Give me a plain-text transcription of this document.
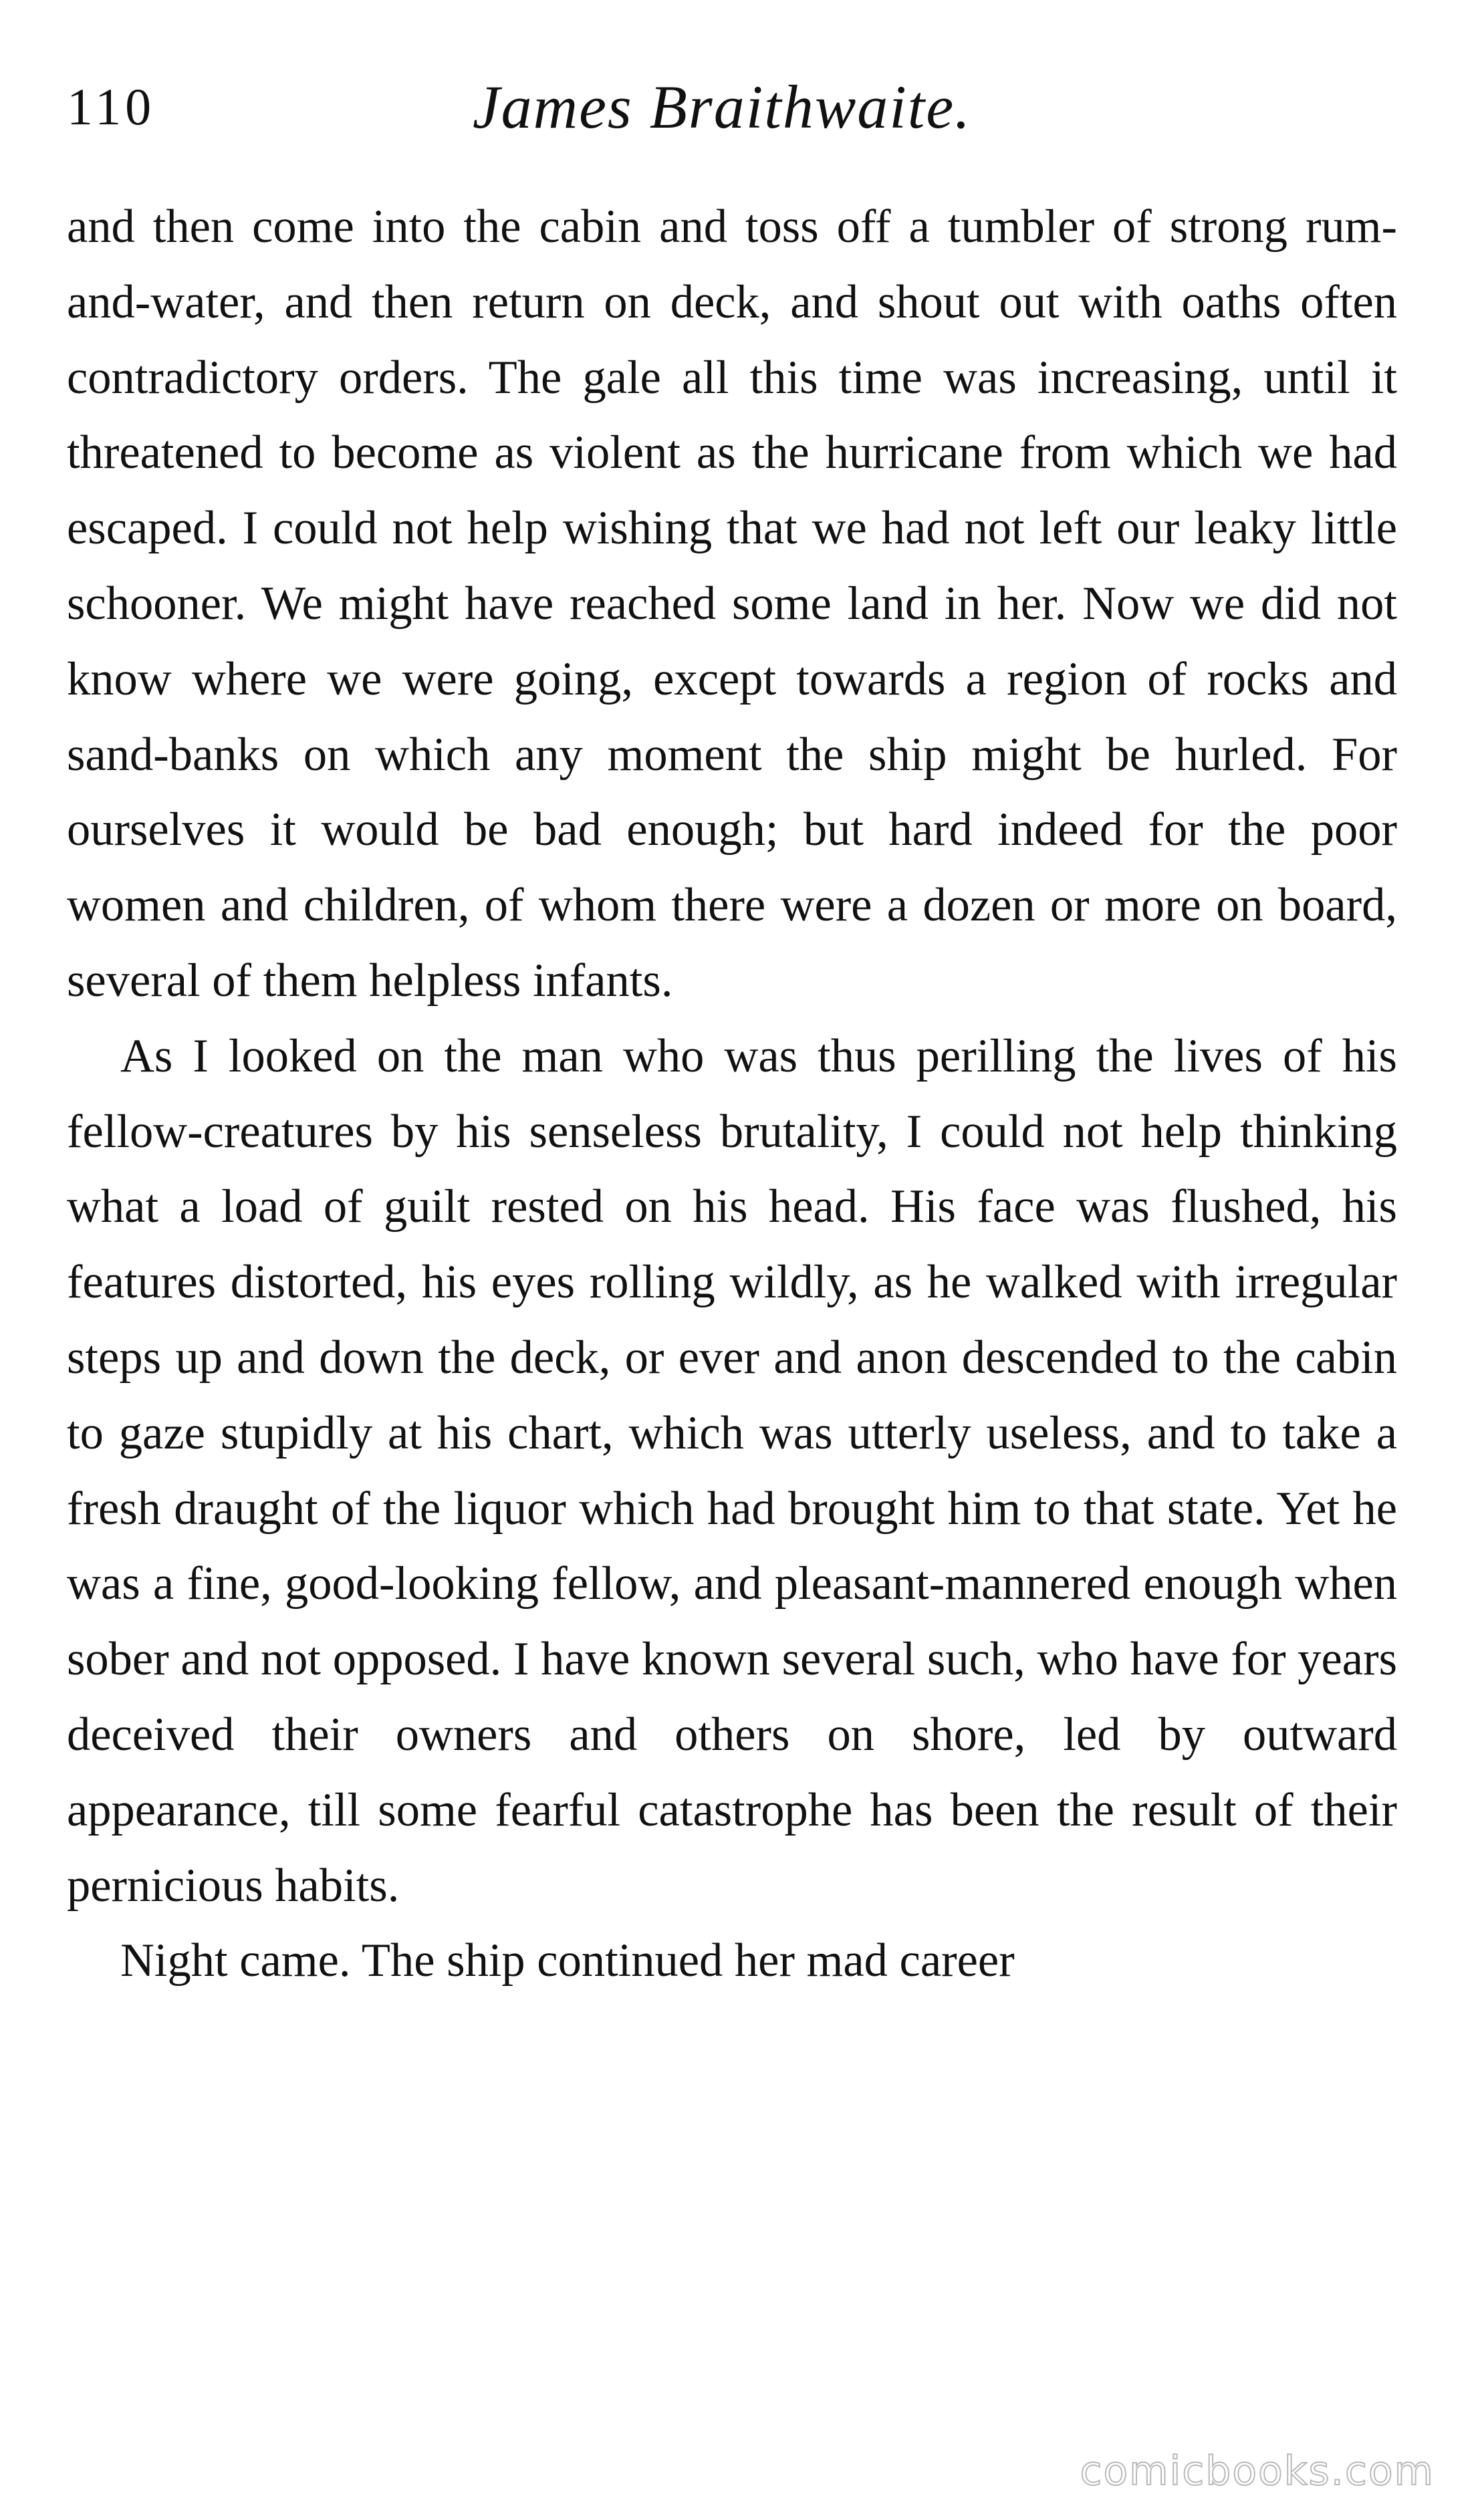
110	James Braithwaite.

and then come into the cabin and toss off a tumbler of strong rum-and-water, and then return on deck, and shout out with oaths often contradictory orders. The gale all this time was increasing, until it threatened to become as violent as the hurricane from which we had escaped. I could not help wishing that we had not left our leaky little schooner. We might have reached some land in her. Now we did not know where we were going, except towards a region of rocks and sand-banks on which any moment the ship might be hurled. For ourselves it would be bad enough; but hard indeed for the poor women and children, of whom there were a dozen or more on board, several of them helpless infants.

As I looked on the man who was thus perilling the lives of his fellow-creatures by his senseless brutality, I could not help thinking what a load of guilt rested on his head. His face was flushed, his features distorted, his eyes rolling wildly, as he walked with irregular steps up and down the deck, or ever and anon descended to the cabin to gaze stupidly at his chart, which was utterly useless, and to take a fresh draught of the liquor which had brought him to that state. Yet he was a fine, good-looking fellow, and pleasant-mannered enough when sober and not opposed. I have known several such, who have for years deceived their owners and others on shore, led by outward appearance, till some fearful catastrophe has been the result of their pernicious habits.

Night came. The ship continued her mad career

comicbooks.com
